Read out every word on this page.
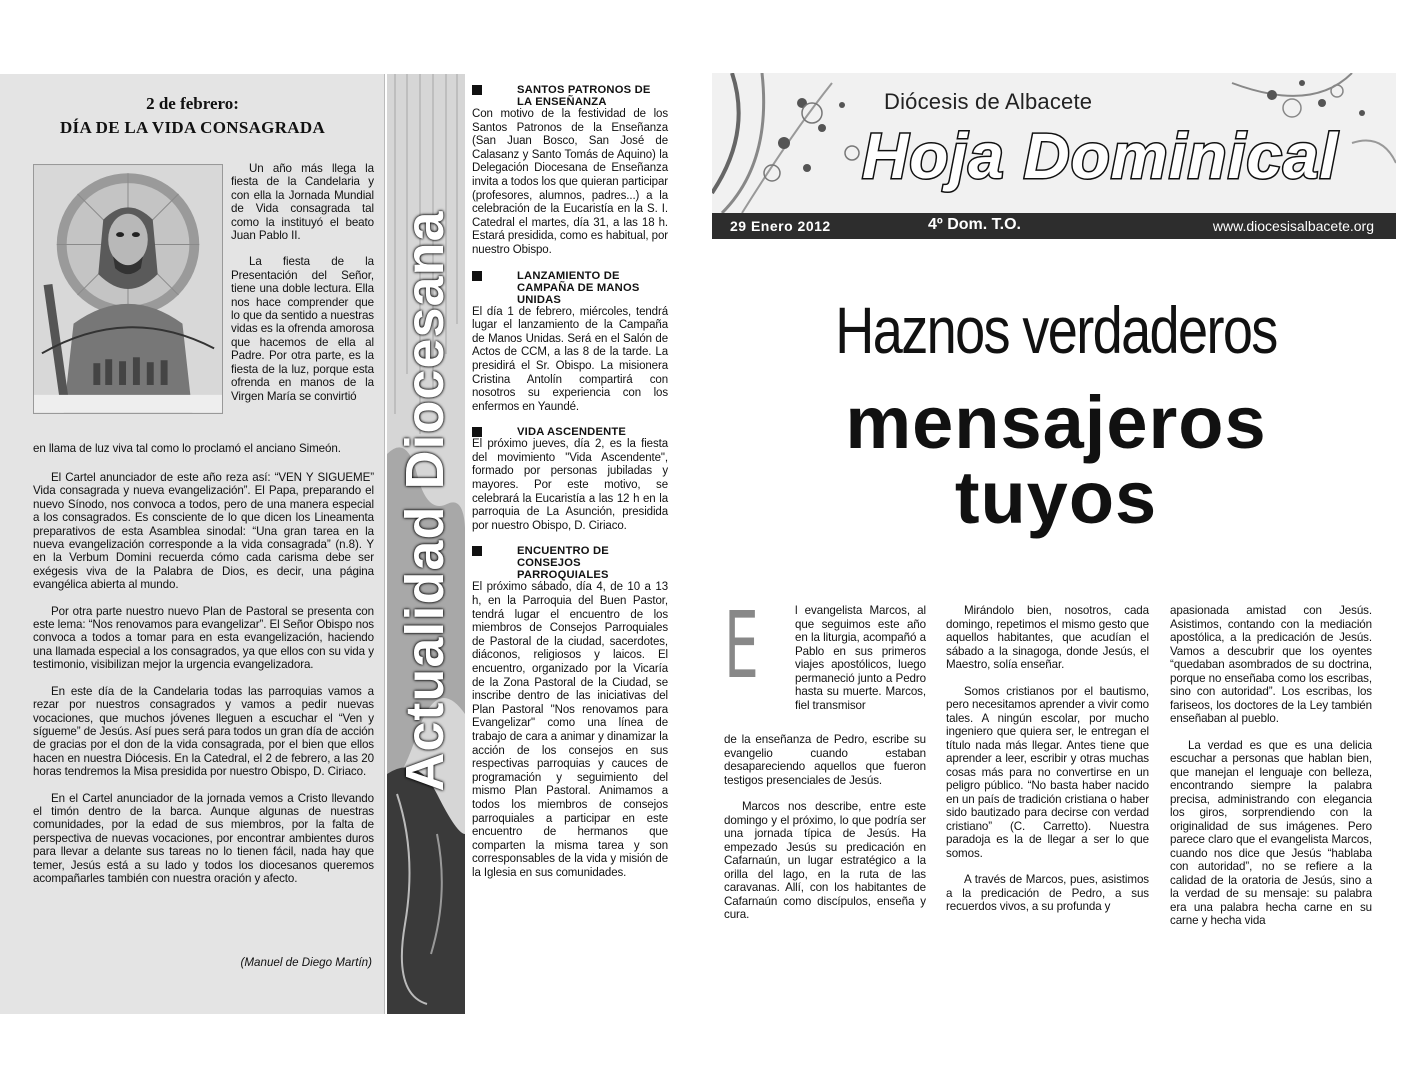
2 de febrero:
DÍA DE LA VIDA CONSAGRADA

Un año más llega la fiesta de la Candelaria y con ella la Jornada Mundial de Vida consagrada tal como la instituyó el beato Juan Pablo II.

La fiesta de la Presentación del Señor, tiene una doble lectura. Ella nos hace comprender que lo que da sentido a nuestras vidas es la ofrenda amorosa que hacemos de ella al Padre. Por otra parte, es la fiesta de la luz, porque esta ofrenda en manos de la Virgen María se convirtió

en llama de luz viva tal como lo proclamó el anciano Simeón.

El Cartel anunciador de este año reza así: “VEN Y SIGUEME” Vida consagrada y nueva evangelización”. El Papa, preparando el nuevo Sínodo, nos convoca a todos, pero de una manera especial a los consagrados. Es consciente de lo que dicen los Lineamenta preparativos de esta Asamblea sinodal: “Una gran tarea en la nueva evangelización corresponde a la vida consagrada” (n.8). Y en la Verbum Domini recuerda cómo cada carisma debe ser exégesis viva de la Palabra de Dios, es decir, una página evangélica abierta al mundo.

Por otra parte nuestro nuevo Plan de Pastoral se presenta con este lema: “Nos renovamos para evangelizar”. El Señor Obispo nos convoca a todos a tomar para en esta evangelización, haciendo una llamada especial a los consagrados, ya que ellos con su vida y testimonio, visibilizan mejor la urgencia evangelizadora.

En este día de la Candelaria todas las parroquias vamos a rezar por nuestros consagrados y vamos a pedir nuevas vocaciones, que muchos jóvenes lleguen a escuchar el “Ven y síguеme” de Jesús. Así pues será para todos un gran día de acción de gracias por el don de la vida consagrada, por el bien que ellos hacen en nuestra Diócesis. En la Catedral, el 2 de febrero, a las 20 horas tendremos la Misa presidida por nuestro Obispo, D. Ciriaco.

En el Cartel anunciador de la jornada vemos a Cristo llevando el timón dentro de la barca. Aunque algunas de nuestras comunidades, por la edad de sus miembros, por la falta de perspectiva de nuevas vocaciones, por encontrar ambientes duros para llevar a delante sus tareas no lo tienen fácil, nada hay que temer, Jesús está a su lado y todos los diocesanos queremos acompañarles también con nuestra oración y afecto.

(Manuel de Diego Martín)
Actualidad Diocesana
SANTOS PATRONOS DE LA ENSEÑANZA
Con motivo de la festividad de los Santos Patronos de la Enseñanza (San Juan Bosco, San José de Calasanz y Santo Tomás de Aquino) la Delegación Diocesana de Enseñanza invita a todos los que quieran participar (profesores, alumnos, padres...) a la celebración de la Eucaristía en la S. I. Catedral el martes, día 31, a las 18 h. Estará presidida, como es habitual, por nuestro Obispo.
LANZAMIENTO DE CAMPAÑA DE MANOS UNIDAS
El día 1 de febrero, miércoles, tendrá lugar el lanzamiento de la Campaña de Manos Unidas. Será en el Salón de Actos de CCM, a las 8 de la tarde. La presidirá el Sr. Obispo. La misionera Cristina Antolín compartirá con nosotros su experiencia con los enfermos en Yaundé.
VIDA ASCENDENTE
El próximo jueves, día 2, es la fiesta del movimiento "Vida Ascendente", formado por personas jubiladas y mayores. Por este motivo, se celebrará la Eucaristía a las 12 h en la parroquia de La Asunción, presidida por nuestro Obispo, D. Ciriaco.
ENCUENTRO DE CONSEJOS PARROQUIALES
El próximo sábado, día 4, de 10 a 13 h, en la Parroquia del Buen Pastor, tendrá lugar el encuentro de los miembros de Consejos Parroquiales de Pastoral de la ciudad, sacerdotes, diáconos, religiosos y laicos. El encuentro, organizado por la Vicaría de la Zona Pastoral de la Ciudad, se inscribe dentro de las iniciativas del Plan Pastoral "Nos renovamos para Evangelizar" como una línea de trabajo de cara a animar y dinamizar la acción de los consejos en sus respectivas parroquias y cauces de programación y seguimiento del mismo Plan Pastoral. Animamos a todos los miembros de consejos parroquiales a participar en este encuentro de hermanos que comparten la misma tarea y son corresponsables de la vida y misión de la Iglesia en sus comunidades.
Diócesis de Albacete
Hoja Dominical
29 Enero 2012	4º Dom. T.O.	www.diocesisalbacete.org
Haznos verdaderos
mensajeros
tuyos
E	l evangelista Marcos, al que seguimos este año en la liturgia, acompañó a Pablo en sus primeros viajes apostólicos, luego permaneció junto a Pedro hasta su muerte. Marcos, fiel transmisor

de la enseñanza de Pedro, escribe su evangelio cuando estaban desapareciendo aquellos que fueron testigos presenciales de Jesús.

Marcos nos describe, entre este domingo y el próximo, lo que podría ser una jornada típica de Jesús. Ha empezado Jesús su predicación en Cafarnaún, un lugar estratégico a la orilla del lago, en la ruta de las caravanas. Allí, con los habitantes de Cafarnaún como discípulos, enseña y cura.

Mirándolo bien, nosotros, cada domingo, repetimos el mismo gesto que aquellos habitantes, que acudían el sábado a la sinagoga, donde Jesús, el Maestro, solía enseñar.

Somos cristianos por el bautismo, pero necesitamos aprender a vivir como tales. A ningún escolar, por mucho ingeniero que quiera ser, le entregan el título nada más llegar. Antes tiene que aprender a leer, escribir y otras muchas cosas más para no convertirse en un peligro público. “No basta haber nacido en un país de tradición cristiana o haber sido bautizado para decirse con verdad cristiano” (C. Carretto). Nuestra paradoja es la de llegar a ser lo que somos.

A través de Marcos, pues, asistimos a la predicación de Pedro, a sus recuerdos vivos, a su profunda y

apasionada amistad con Jesús. Asistimos, contando con la mediación apostólica, a la predicación de Jesús. Vamos a descubrir que los oyentes “quedaban asombrados de su doctrina, porque no enseñaba como los escribas, sino con autoridad”. Los escribas, los fariseos, los doctores de la Ley también enseñaban al pueblo.

La verdad es que es una delicia escuchar a personas que hablan bien, que manejan el lenguaje con belleza, encontrando siempre la palabra precisa, administrando con elegancia los giros, sorprendiendo con la originalidad de sus imágenes. Pero parece claro que el evangelista Marcos, cuando nos dice que Jesús “hablaba con autoridad”, no se refiere a la calidad de la oratoria de Jesús, sino a la verdad de su mensaje: su palabra era una palabra hecha carne en su carne y hecha vida
